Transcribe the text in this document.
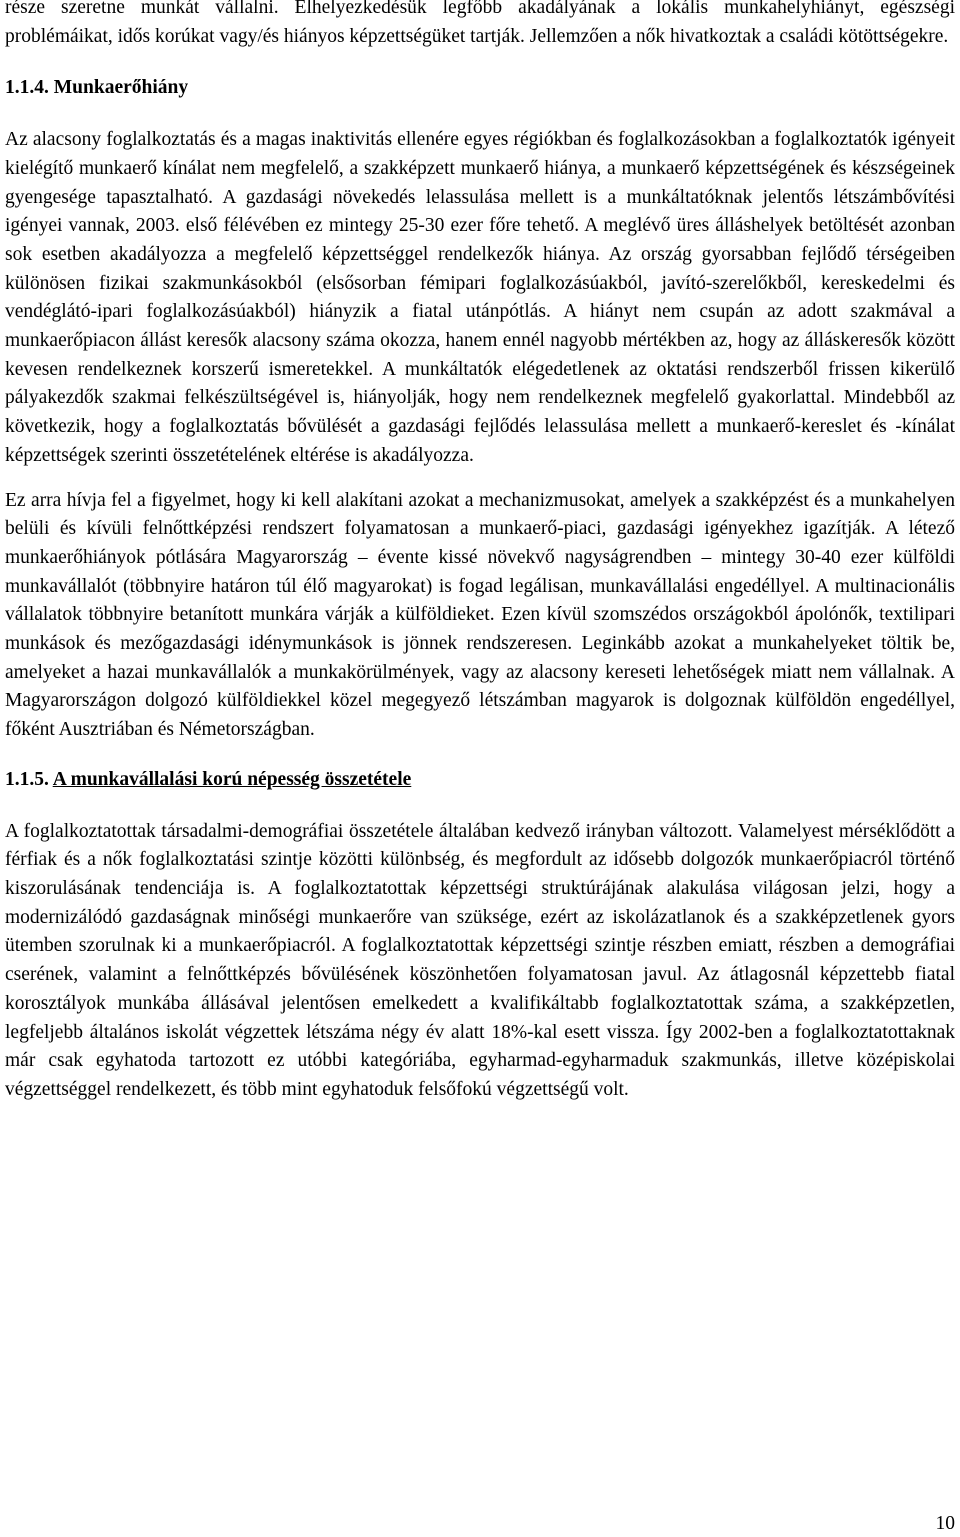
része szeretne munkát vállalni. Elhelyezkedésük legfőbb akadályának a lokális munkahelyhiányt, egészségi problémáikat, idős korúkat vagy/és hiányos képzettségüket tartják. Jellemzően a nők hivatkoztak a családi kötöttségekre.

1.1.4. Munkaerőhiány

Az alacsony foglalkoztatás és a magas inaktivitás ellenére egyes régiókban és foglalkozásokban a foglalkoztatók igényeit kielégítő munkaerő kínálat nem megfelelő, a szakképzett munkaerő hiánya, a munkaerő képzettségének és készségeinek gyengesége tapasztalható. A gazdasági növekedés lelassulása mellett is a munkáltatóknak jelentős létszámbővítési igényei vannak, 2003. első félévében ez mintegy 25-30 ezer főre tehető. A meglévő üres álláshelyek betöltését azonban sok esetben akadályozza a megfelelő képzettséggel rendelkezők hiánya. Az ország gyorsabban fejlődő térségeiben különösen fizikai szakmunkásokból (elsősorban fémipari foglalkozásúakból, javító-szerelőkből, kereskedelmi és vendéglátó-ipari foglalkozásúakból) hiányzik a fiatal utánpótlás. A hiányt nem csupán az adott szakmával a munkaerőpiacon állást keresők alacsony száma okozza, hanem ennél nagyobb mértékben az, hogy az álláskeresők között kevesen rendelkeznek korszerű ismeretekkel. A munkáltatók elégedetlenek az oktatási rendszerből frissen kikerülő pályakezdők szakmai felkészültségével is, hiányolják, hogy nem rendelkeznek megfelelő gyakorlattal. Mindebből az következik, hogy a foglalkoztatás bővülését a gazdasági fejlődés lelassulása mellett a munkaerő-kereslet és -kínálat képzettségek szerinti összetételének eltérése is akadályozza.

Ez arra hívja fel a figyelmet, hogy ki kell alakítani azokat a mechanizmusokat, amelyek a szakképzést és a munkahelyen belüli és kívüli felnőttképzési rendszert folyamatosan a munkaerő-piaci, gazdasági igényekhez igazítják. A létező munkaerőhiányok pótlására Magyarország – évente kissé növekvő nagyságrendben – mintegy 30-40 ezer külföldi munkavállalót (többnyire határon túl élő magyarokat) is fogad legálisan, munkavállalási engedéllyel. A multinacionális vállalatok többnyire betanított munkára várják a külföldieket. Ezen kívül szomszédos országokból ápolónők, textilipari munkások és mezőgazdasági idénymunkások is jönnek rendszeresen. Leginkább azokat a munkahelyeket töltik be, amelyeket a hazai munkavállalók a munkakörülmények, vagy az alacsony kereseti lehetőségek miatt nem vállalnak. A Magyarországon dolgozó külföldiekkel közel megegyező létszámban magyarok is dolgoznak külföldön engedéllyel, főként Ausztriában és Németországban.

1.1.5. A munkavállalási korú népesség összetétele

A foglalkoztatottak társadalmi-demográfiai összetétele általában kedvező irányban változott. Valamelyest mérséklődött a férfiak és a nők foglalkoztatási szintje közötti különbség, és megfordult az idősebb dolgozók munkaerőpiacról történő kiszorulásának tendenciája is. A foglalkoztatottak képzettségi struktúrájának alakulása világosan jelzi, hogy a modernizálódó gazdaságnak minőségi munkaerőre van szüksége, ezért az iskolázatlanok és a szakképzetlenek gyors ütemben szorulnak ki a munkaerőpiacról. A foglalkoztatottak képzettségi szintje részben emiatt, részben a demográfiai cserének, valamint a felnőttképzés bővülésének köszönhetően folyamatosan javul. Az átlagosnál képzettebb fiatal korosztályok munkába állásával jelentősen emelkedett a kvalifikáltabb foglalkoztatottak száma, a szakképzetlen, legfeljebb általános iskolát végzettek létszáma négy év alatt 18%-kal esett vissza. Így 2002-ben a foglalkoztatottaknak már csak egyhatoda tartozott ez utóbbi kategóriába, egyharmad-egyharmaduk szakmunkás, illetve középiskolai végzettséggel rendelkezett, és több mint egyhatoduk felsőfokú végzettségű volt.

10
